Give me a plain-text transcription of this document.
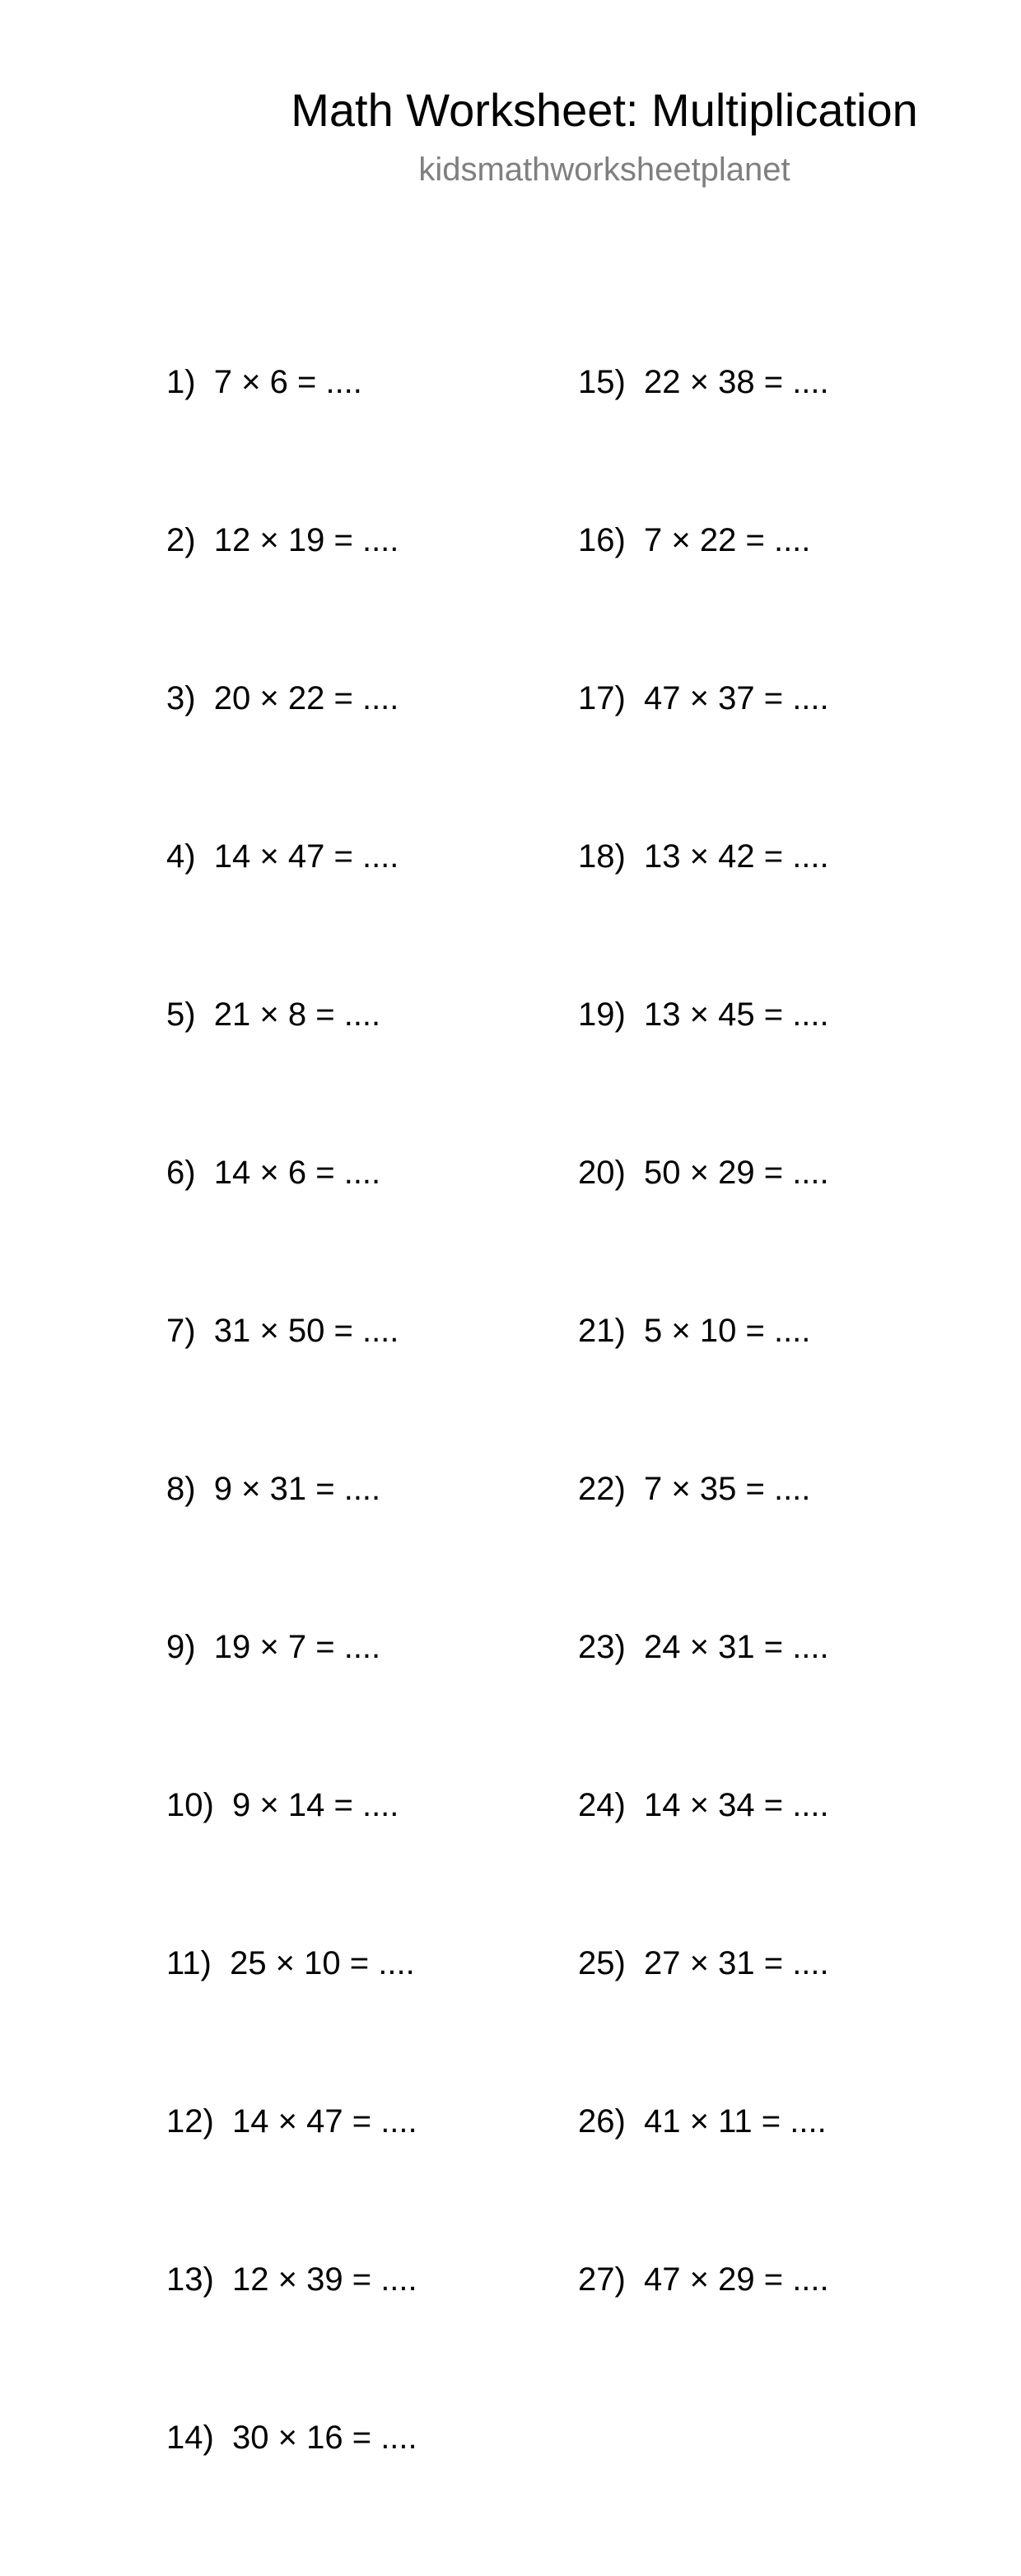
Math Worksheet: Multiplication
kidsmathworksheetplanet

1)  7 × 6 = ....

2)  12 × 19 = ....

3)  20 × 22 = ....

4)  14 × 47 = ....

5)  21 × 8 = ....

6)  14 × 6 = ....

7)  31 × 50 = ....

8)  9 × 31 = ....

9)  19 × 7 = ....

10)  9 × 14 = ....

11)  25 × 10 = ....

12)  14 × 47 = ....

13)  12 × 39 = ....

14)  30 × 16 = ....

15)  22 × 38 = ....

16)  7 × 22 = ....

17)  47 × 37 = ....

18)  13 × 42 = ....

19)  13 × 45 = ....

20)  50 × 29 = ....

21)  5 × 10 = ....

22)  7 × 35 = ....

23)  24 × 31 = ....

24)  14 × 34 = ....

25)  27 × 31 = ....

26)  41 × 11 = ....

27)  47 × 29 = ....
